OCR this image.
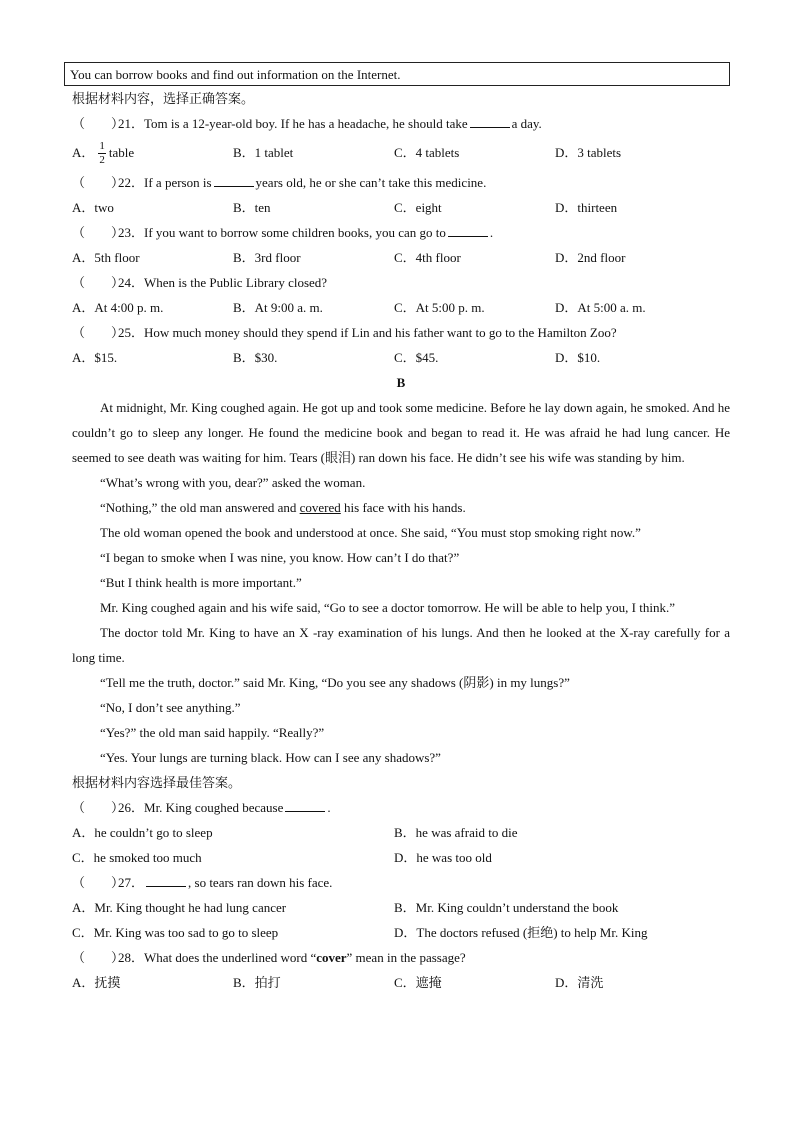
You can borrow books and find out information on the Internet.
根据材料内容，选择正确答案。
（　　）21．Tom is a 12-year-old boy. If he has a headache, he should take	a day.
A． $\frac{1}{2}$ table	B．1 tablet	C．4 tablets	D．3 tablets
（　　）22．If a person is	years old, he or she can’t take this medicine.
A．two	B．ten	C．eight	D．thirteen
（　　）23．If you want to borrow some children books, you can go to	.
A．5th floor	B．3rd floor	C．4th floor	D．2nd floor
（　　）24．When is the Public Library closed?
A．At 4:00 p. m.	B．At 9:00 a. m.	C．At 5:00 p. m.	D．At 5:00 a. m.
（　　）25．How much money should they spend if Lin and his father want to go to the Hamilton Zoo?
A．$15.	B．$30.	C．$45.	D．$10.
B

At midnight, Mr. King coughed again. He got up and took some medicine. Before he lay down again, he smoked. And he couldn’t go to sleep any longer. He found the medicine book and began to read it. He was afraid he had lung cancer. He seemed to see death was waiting for him. Tears (眼泪) ran down his face. He didn’t see his wife was standing by him.

“What’s wrong with you, dear?” asked the woman.

“Nothing,” the old man answered and covered his face with his hands.

The old woman opened the book and understood at once. She said, “You must stop smoking right now.”

“I began to smoke when I was nine, you know. How can’t I do that?”

“But I think health is more important.”

Mr. King coughed again and his wife said, “Go to see a doctor tomorrow. He will be able to help you, I think.”

The doctor told Mr. King to have an X -ray examination of his lungs. And then he looked at the X-ray carefully for a long time.

“Tell me the truth, doctor.” said Mr. King, “Do you see any shadows (阴影) in my lungs?”

“No, I don’t see anything.”

“Yes?” the old man said happily. “Really?”

“Yes. Your lungs are turning black. How can I see any shadows?”

根据材料内容选择最佳答案。
（　　）26．Mr. King coughed because	.
A．he couldn’t go to sleep	B．he was afraid to die
C．he smoked too much	D．he was too old
（　　）27．	, so tears ran down his face.
A．Mr. King thought he had lung cancer	B．Mr. King couldn’t understand the book
C．Mr. King was too sad to go to sleep	D．The doctors refused (拒绝) to help Mr. King
（　　）28．What does the underlined word “cover” mean in the passage?
A．抚摸	B．拍打	C．遮掩	D．清洗
